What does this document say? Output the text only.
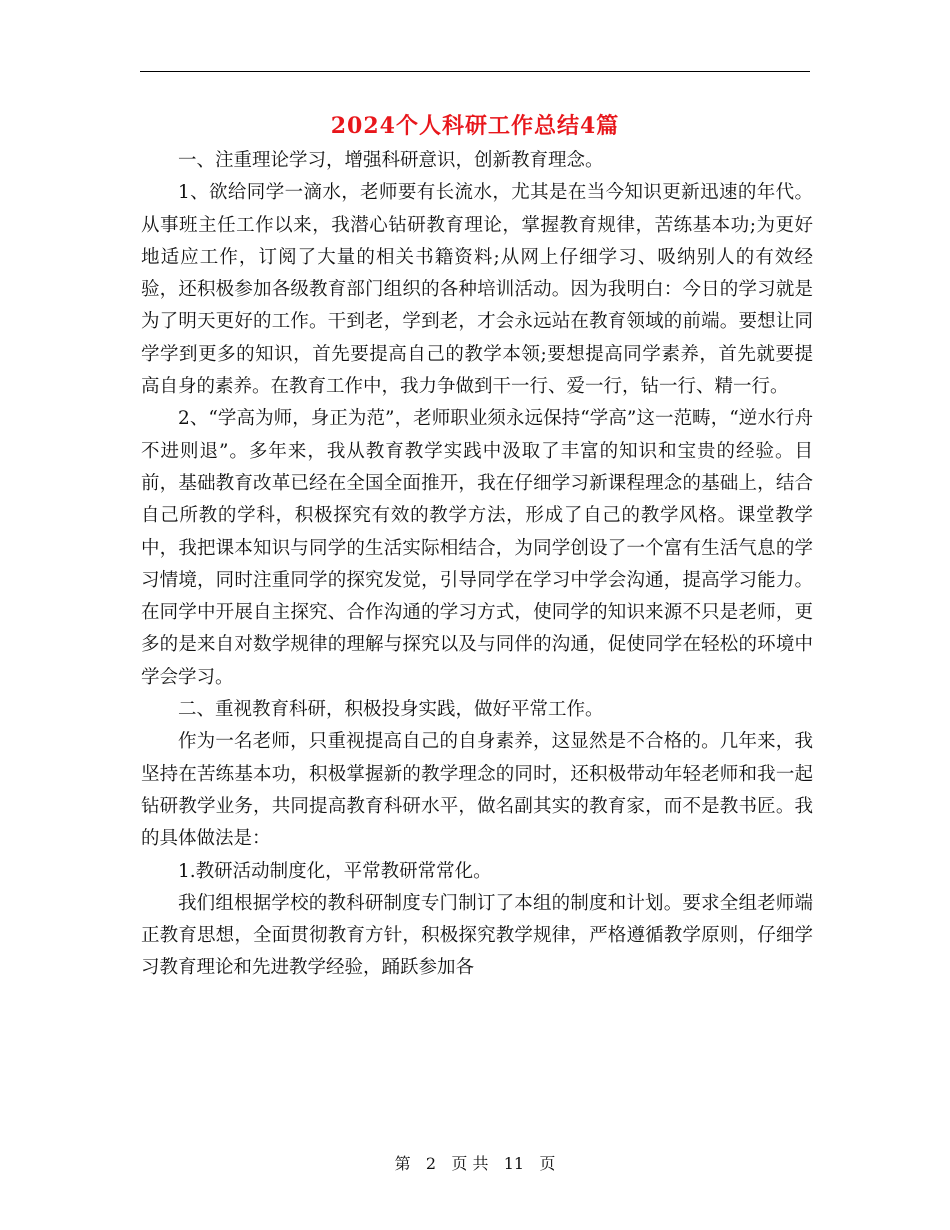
2024个人科研工作总结4篇

一、注重理论学习，增强科研意识，创新教育理念。

1、欲给同学一滴水，老师要有长流水，尤其是在当今知识更新迅速的年代。从事班主任工作以来，我潜心钻研教育理论，掌握教育规律，苦练基本功;为更好地适应工作，订阅了大量的相关书籍资料;从网上仔细学习、吸纳别人的有效经验，还积极参加各级教育部门组织的各种培训活动。因为我明白：今日的学习就是为了明天更好的工作。干到老，学到老，才会永远站在教育领域的前端。要想让同学学到更多的知识，首先要提高自己的教学本领;要想提高同学素养，首先就要提高自身的素养。在教育工作中，我力争做到干一行、爱一行，钻一行、精一行。

2、“学高为师，身正为范”，老师职业须永远保持“学高”这一范畴，“逆水行舟不进则退”。多年来，我从教育教学实践中汲取了丰富的知识和宝贵的经验。目前，基础教育改革已经在全国全面推开，我在仔细学习新课程理念的基础上，结合自己所教的学科，积极探究有效的教学方法，形成了自己的教学风格。课堂教学中，我把课本知识与同学的生活实际相结合，为同学创设了一个富有生活气息的学习情境，同时注重同学的探究发觉，引导同学在学习中学会沟通，提高学习能力。在同学中开展自主探究、合作沟通的学习方式，使同学的知识来源不只是老师，更多的是来自对数学规律的理解与探究以及与同伴的沟通，促使同学在轻松的环境中学会学习。

二、重视教育科研，积极投身实践，做好平常工作。

作为一名老师，只重视提高自己的自身素养，这显然是不合格的。几年来，我坚持在苦练基本功，积极掌握新的教学理念的同时，还积极带动年轻老师和我一起钻研教学业务，共同提高教育科研水平，做名副其实的教育家，而不是教书匠。我的具体做法是：

1.教研活动制度化，平常教研常常化。

我们组根据学校的教科研制度专门制订了本组的制度和计划。要求全组老师端正教育思想，全面贯彻教育方针，积极探究教学规律，严格遵循教学原则，仔细学习教育理论和先进教学经验，踊跃参加各

第 2 页 共 11 页
